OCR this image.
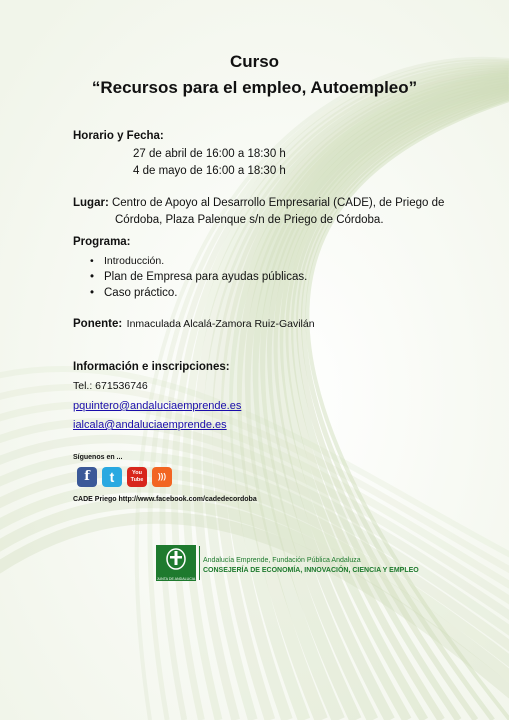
Curso
“Recursos para el empleo, Autoempleo”
Horario y Fecha:
27 de abril de 16:00 a 18:30 h
4 de mayo de 16:00 a 18:30 h
Lugar: Centro de Apoyo al Desarrollo Empresarial (CADE), de Priego de
Córdoba, Plaza Palenque s/n de Priego de Córdoba.
Programa:
• Introducción.
• Plan de Empresa para ayudas públicas.
• Caso práctico.
Ponente: Inmaculada Alcalá-Zamora Ruiz-Gavilán
Información e inscripciones:
Tel.: 671536746
pquintero@andaluciaemprende.es
ialcala@andaluciaemprende.es
Síguenos en ...
f	t	You Tube	)))
CADE Priego http://www.facebook.com/cadedecordoba
JUNTA DE ANDALUCIA
Andalucía Emprende, Fundación Pública Andaluza
CONSEJERÍA DE ECONOMÍA, INNOVACIÓN, CIENCIA Y EMPLEO
